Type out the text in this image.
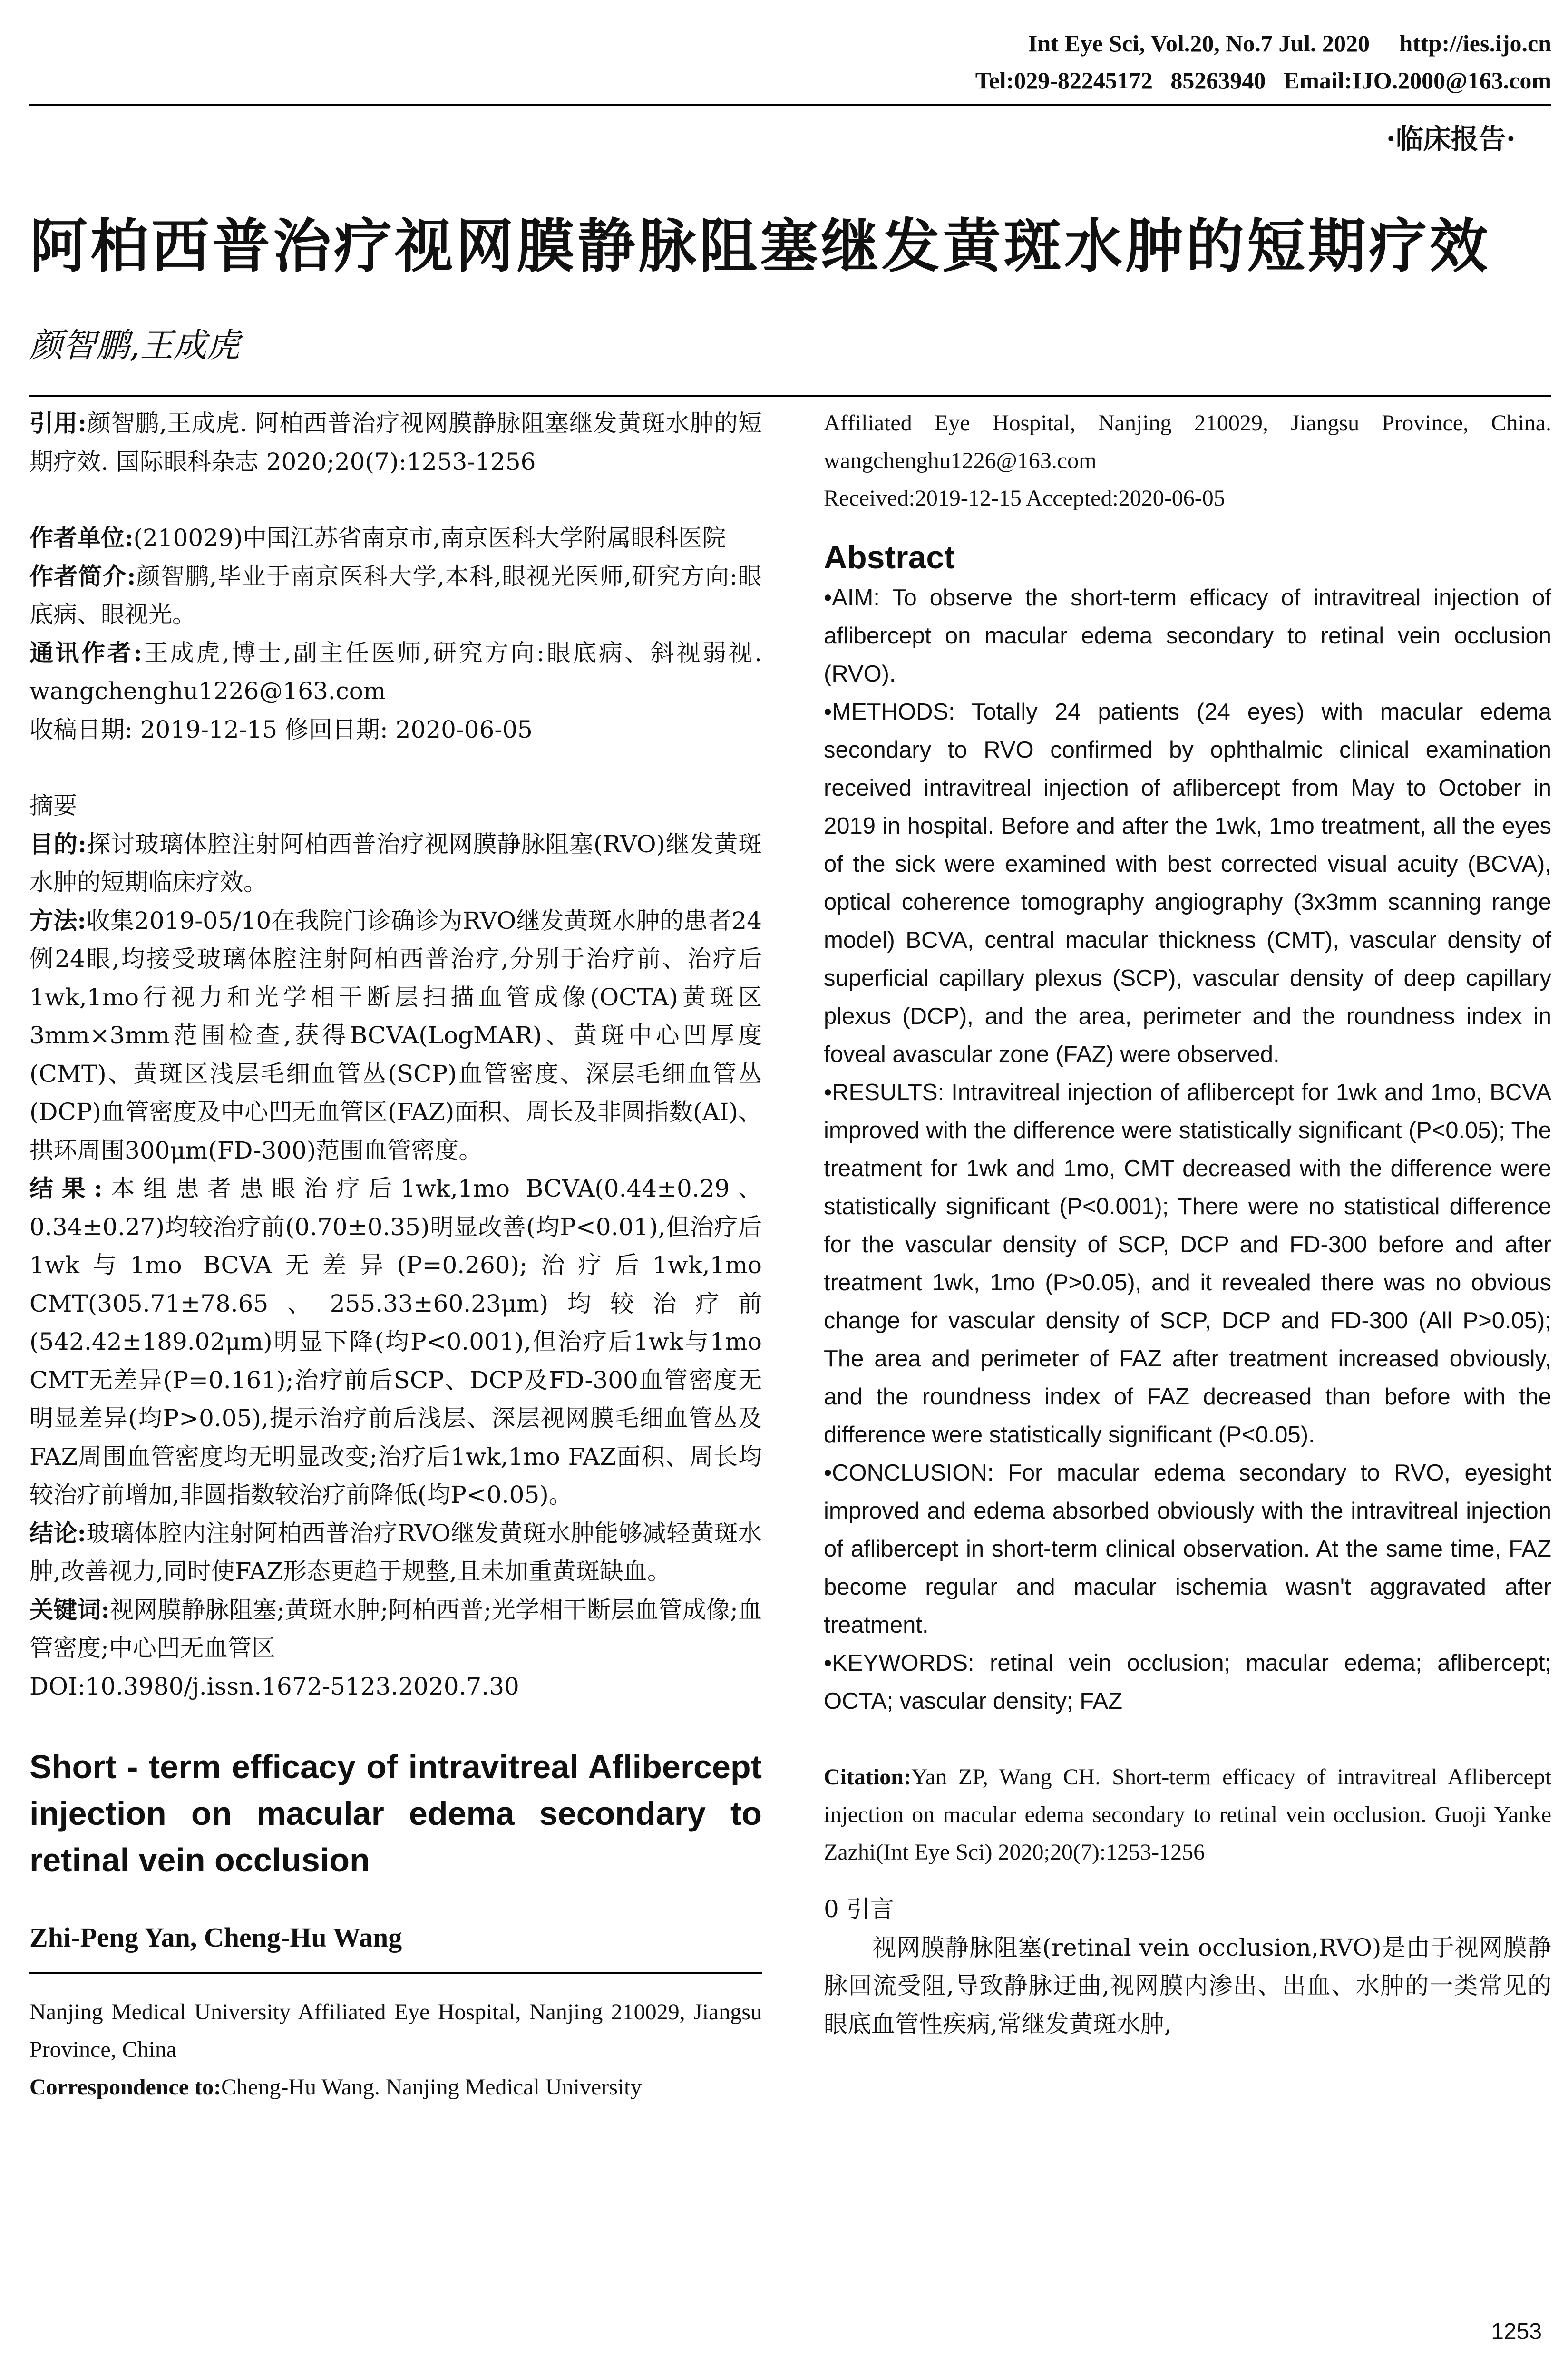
Int Eye Sci, Vol.20, No.7 Jul. 2020     http://ies.ijo.cn
Tel:029-82245172   85263940   Email:IJO.2000@163.com
·临床报告·
阿柏西普治疗视网膜静脉阻塞继发黄斑水肿的短期疗效
颜智鹏,王成虎
引用:颜智鹏,王成虎. 阿柏西普治疗视网膜静脉阻塞继发黄斑水肿的短期疗效. 国际眼科杂志 2020;20(7):1253-1256
作者单位:(210029)中国江苏省南京市,南京医科大学附属眼科医院
作者简介:颜智鹏,毕业于南京医科大学,本科,眼视光医师,研究方向:眼底病、眼视光。
通讯作者:王成虎,博士,副主任医师,研究方向:眼底病、斜视弱视. wangchenghu1226@163.com
收稿日期: 2019-12-15 修回日期: 2020-06-05
摘要
目的:探讨玻璃体腔注射阿柏西普治疗视网膜静脉阻塞(RVO)继发黄斑水肿的短期临床疗效。
方法:收集2019-05/10在我院门诊确诊为RVO继发黄斑水肿的患者24例24眼,均接受玻璃体腔注射阿柏西普治疗,分别于治疗前、治疗后1wk,1mo行视力和光学相干断层扫描血管成像(OCTA)黄斑区3mm×3mm范围检查,获得BCVA(LogMAR)、黄斑中心凹厚度(CMT)、黄斑区浅层毛细血管丛(SCP)血管密度、深层毛细血管丛(DCP)血管密度及中心凹无血管区(FAZ)面积、周长及非圆指数(AI)、拱环周围300μm(FD-300)范围血管密度。
结果:本组患者患眼治疗后1wk,1mo BCVA(0.44±0.29、0.34±0.27)均较治疗前(0.70±0.35)明显改善(均P<0.01),但治疗后1wk与1mo BCVA无差异(P=0.260);治疗后1wk,1mo CMT(305.71±78.65、255.33±60.23μm)均较治疗前(542.42±189.02μm)明显下降(均P<0.001),但治疗后1wk与1mo CMT无差异(P=0.161);治疗前后SCP、DCP及FD-300血管密度无明显差异(均P>0.05),提示治疗前后浅层、深层视网膜毛细血管丛及FAZ周围血管密度均无明显改变;治疗后1wk,1mo FAZ面积、周长均较治疗前增加,非圆指数较治疗前降低(均P<0.05)。
结论:玻璃体腔内注射阿柏西普治疗RVO继发黄斑水肿能够减轻黄斑水肿,改善视力,同时使FAZ形态更趋于规整,且未加重黄斑缺血。
关键词:视网膜静脉阻塞;黄斑水肿;阿柏西普;光学相干断层血管成像;血管密度;中心凹无血管区
DOI:10.3980/j.issn.1672-5123.2020.7.30
Short - term efficacy of intravitreal Aflibercept injection on macular edema secondary to retinal vein occlusion
Zhi-Peng Yan, Cheng-Hu Wang
Nanjing Medical University Affiliated Eye Hospital, Nanjing 210029, Jiangsu Province, China
Correspondence to:Cheng-Hu Wang. Nanjing Medical University
Affiliated Eye Hospital, Nanjing 210029, Jiangsu Province, China. wangchenghu1226@163.com
Received:2019-12-15 Accepted:2020-06-05
Abstract
•AIM: To observe the short-term efficacy of intravitreal injection of aflibercept on macular edema secondary to retinal vein occlusion (RVO).
•METHODS: Totally 24 patients (24 eyes) with macular edema secondary to RVO confirmed by ophthalmic clinical examination received intravitreal injection of aflibercept from May to October in 2019 in hospital. Before and after the 1wk, 1mo treatment, all the eyes of the sick were examined with best corrected visual acuity (BCVA), optical coherence tomography angiography (3x3mm scanning range model) BCVA, central macular thickness (CMT), vascular density of superficial capillary plexus (SCP), vascular density of deep capillary plexus (DCP), and the area, perimeter and the roundness index in foveal avascular zone (FAZ) were observed.
•RESULTS: Intravitreal injection of aflibercept for 1wk and 1mo, BCVA improved with the difference were statistically significant (P<0.05); The treatment for 1wk and 1mo, CMT decreased with the difference were statistically significant (P<0.001); There were no statistical difference for the vascular density of SCP, DCP and FD-300 before and after treatment 1wk, 1mo (P>0.05), and it revealed there was no obvious change for vascular density of SCP, DCP and FD-300 (All P>0.05); The area and perimeter of FAZ after treatment increased obviously, and the roundness index of FAZ decreased than before with the difference were statistically significant (P<0.05).
•CONCLUSION: For macular edema secondary to RVO, eyesight improved and edema absorbed obviously with the intravitreal injection of aflibercept in short-term clinical observation. At the same time, FAZ become regular and macular ischemia wasn't aggravated after treatment.
•KEYWORDS: retinal vein occlusion; macular edema; aflibercept; OCTA; vascular density; FAZ
Citation:Yan ZP, Wang CH. Short-term efficacy of intravitreal Aflibercept injection on macular edema secondary to retinal vein occlusion. Guoji Yanke Zazhi(Int Eye Sci) 2020;20(7):1253-1256
0 引言
　　视网膜静脉阻塞(retinal vein occlusion,RVO)是由于视网膜静脉回流受阻,导致静脉迂曲,视网膜内渗出、出血、水肿的一类常见的眼底血管性疾病,常继发黄斑水肿,
1253
